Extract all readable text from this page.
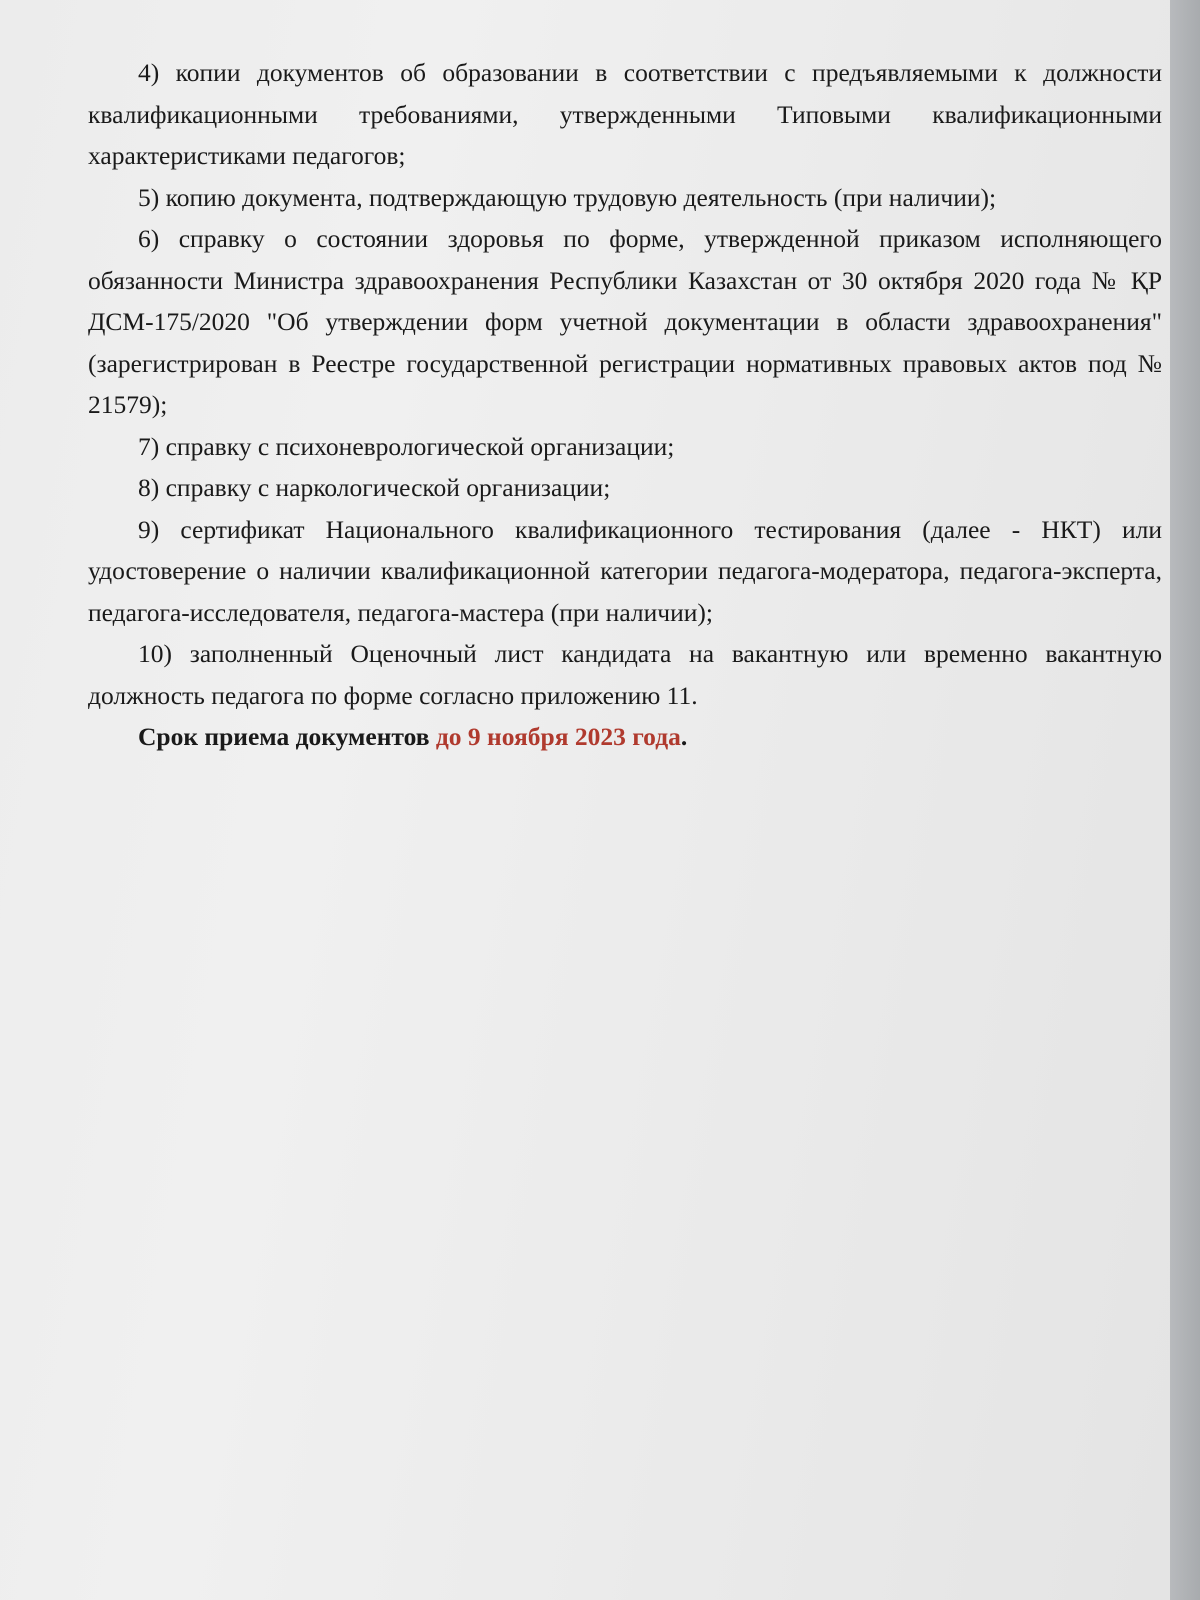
4) копии документов об образовании в соответствии с предъявляемыми к должности квалификационными требованиями, утвержденными Типовыми квалификационными характеристиками педагогов;

5) копию документа, подтверждающую трудовую деятельность (при наличии);

6) справку о состоянии здоровья по форме, утвержденной приказом исполняющего обязанности Министра здравоохранения Республики Казахстан от 30 октября 2020 года № ҚР ДСМ-175/2020 "Об утверждении форм учетной документации в области здравоохранения" (зарегистрирован в Реестре государственной регистрации нормативных правовых актов под № 21579);

7) справку с психоневрологической организации;

8) справку с наркологической организации;

9) сертификат Национального квалификационного тестирования (далее - НКТ) или удостоверение о наличии квалификационной категории педагога-модератора, педагога-эксперта, педагога-исследователя, педагога-мастера (при наличии);

10) заполненный Оценочный лист кандидата на вакантную или временно вакантную должность педагога по форме согласно приложению 11.

Срок приема документов до 9 ноября 2023 года.
